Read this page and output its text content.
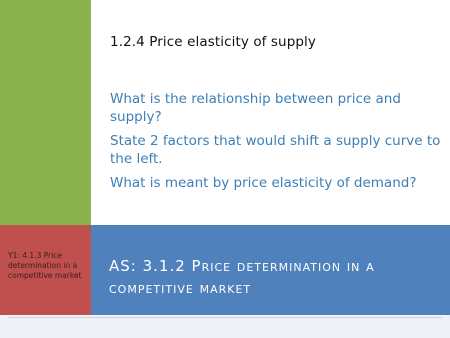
1.2.4 Price elasticity of supply
What is the relationship between price and supply?
State 2 factors that would shift a supply curve to the left.
What is meant by price elasticity of demand?
Y1: 4.1.3 Price determination in a competitive market
AS: 3.1.2 Price determination in a competitive market
